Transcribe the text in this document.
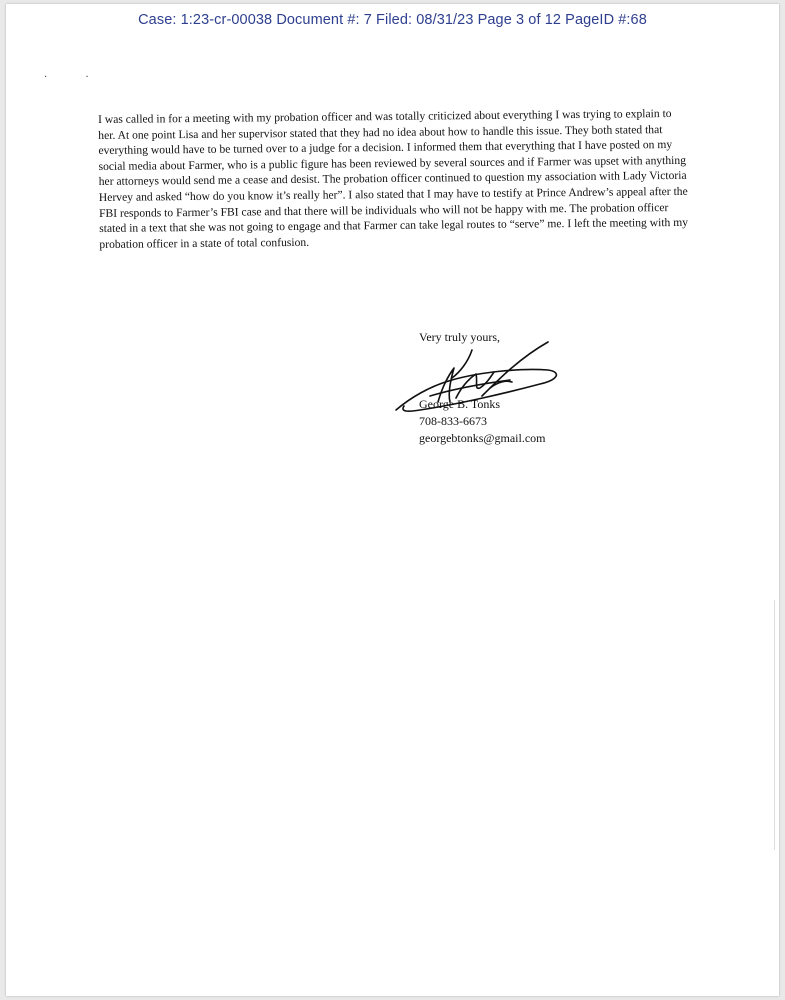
Case: 1:23-cr-00038 Document #: 7 Filed: 08/31/23 Page 3 of 12 PageID #:68
·	·

I was called in for a meeting with my probation officer and was totally criticized about everything I was trying to explain to her. At one point Lisa and her supervisor stated that they had no idea about how to handle this issue. They both stated that everything would have to be turned over to a judge for a decision. I informed them that everything that I have posted on my social media about Farmer, who is a public figure has been reviewed by several sources and if Farmer was upset with anything her attorneys would send me a cease and desist. The probation officer continued to question my association with Lady Victoria Hervey and asked “how do you know it’s really her”. I also stated that I may have to testify at Prince Andrew’s appeal after the FBI responds to Farmer’s FBI case and that there will be individuals who will not be happy with me. The probation officer stated in a text that she was not going to engage and that Farmer can take legal routes to “serve” me. I left the meeting with my probation officer in a state of total confusion.

Very truly yours,
George B. Tonks
708-833-6673
georgebtonks@gmail.com
